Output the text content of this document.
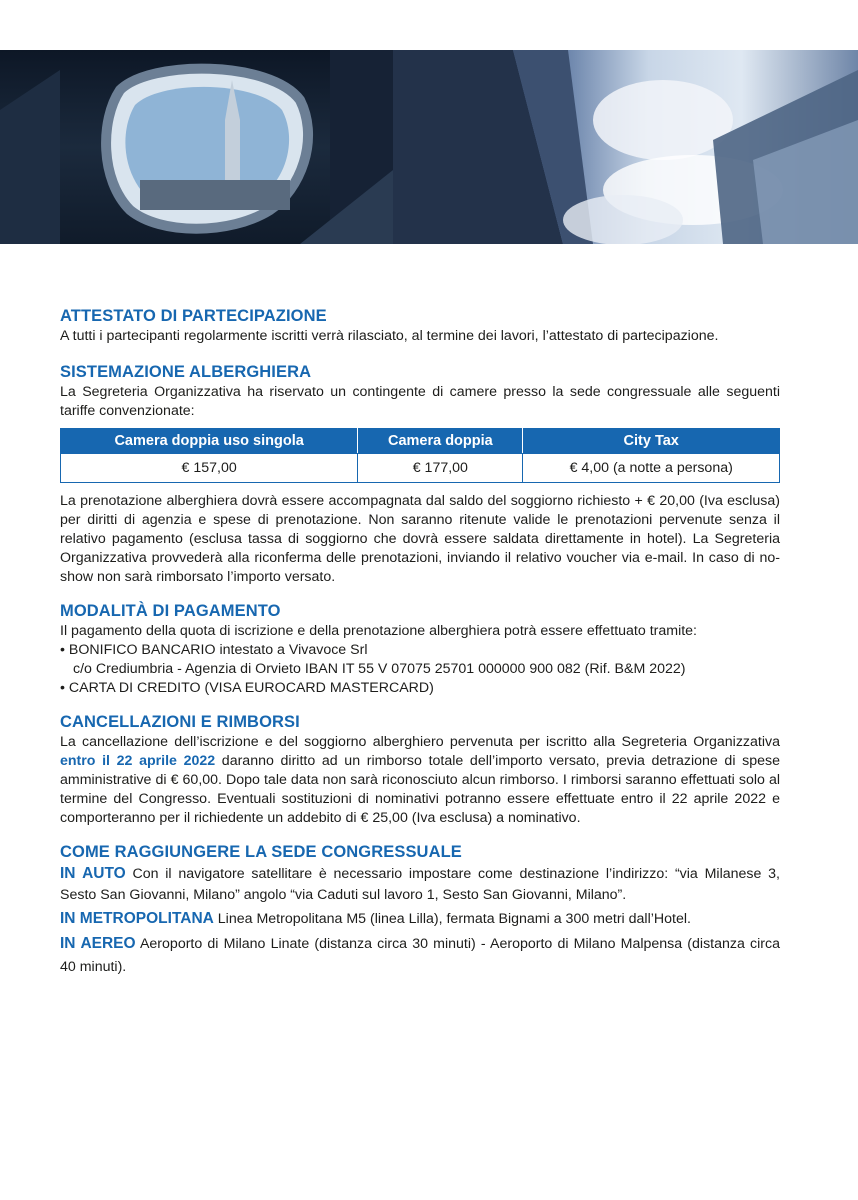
ATTESTATO DI PARTECIPAZIONE

A tutti i partecipanti regolarmente iscritti verrà rilasciato, al termine dei lavori, l’attestato di partecipazione.

SISTEMAZIONE ALBERGHIERA

La Segreteria Organizzativa ha riservato un contingente di camere presso la sede congressuale alle seguenti tariffe convenzionate:

Camera doppia uso singola	Camera doppia	City Tax
€ 157,00	€ 177,00	€ 4,00 (a notte a persona)

La prenotazione alberghiera dovrà essere accompagnata dal saldo del soggiorno richiesto + € 20,00 (Iva esclusa) per diritti di agenzia e spese di prenotazione. Non saranno ritenute valide le prenotazioni pervenute senza il relativo pagamento (esclusa tassa di soggiorno che dovrà essere saldata direttamente in hotel). La Segreteria Organizzativa provvederà alla riconferma delle prenotazioni, inviando il relativo voucher via e-mail. In caso di no-show non sarà rimborsato l’importo versato.

MODALITÀ DI PAGAMENTO

Il pagamento della quota di iscrizione e della prenotazione alberghiera potrà essere effettuato tramite:

• BONIFICO BANCARIO intestato a Vivavoce Srl
c/o Crediumbria - Agenzia di Orvieto IBAN IT 55 V 07075 25701 000000 900 082 (Rif. B&M 2022)
• CARTA DI CREDITO (VISA EUROCARD MASTERCARD)
CANCELLAZIONI E RIMBORSI

La cancellazione dell’iscrizione e del soggiorno alberghiero pervenuta per iscritto alla Segreteria Organizzativa entro il 22 aprile 2022 daranno diritto ad un rimborso totale dell’importo versato, previa detrazione di spese amministrative di € 60,00. Dopo tale data non sarà riconosciuto alcun rimborso. I rimborsi saranno effettuati solo al termine del Congresso. Eventuali sostituzioni di nominativi potranno essere effettuate entro il 22 aprile 2022 e comporteranno per il richiedente un addebito di € 25,00 (Iva esclusa) a nominativo.

COME RAGGIUNGERE LA SEDE CONGRESSUALE

IN AUTO Con il navigatore satellitare è necessario impostare come destinazione l’indirizzo: “via Milanese 3, Sesto San Giovanni, Milano” angolo “via Caduti sul lavoro 1, Sesto San Giovanni, Milano”.

IN METROPOLITANA Linea Metropolitana M5 (linea Lilla), fermata Bignami a 300 metri dall’Hotel.

IN AEREO Aeroporto di Milano Linate (distanza circa 30 minuti) - Aeroporto di Milano Malpensa (distanza circa 40 minuti).
